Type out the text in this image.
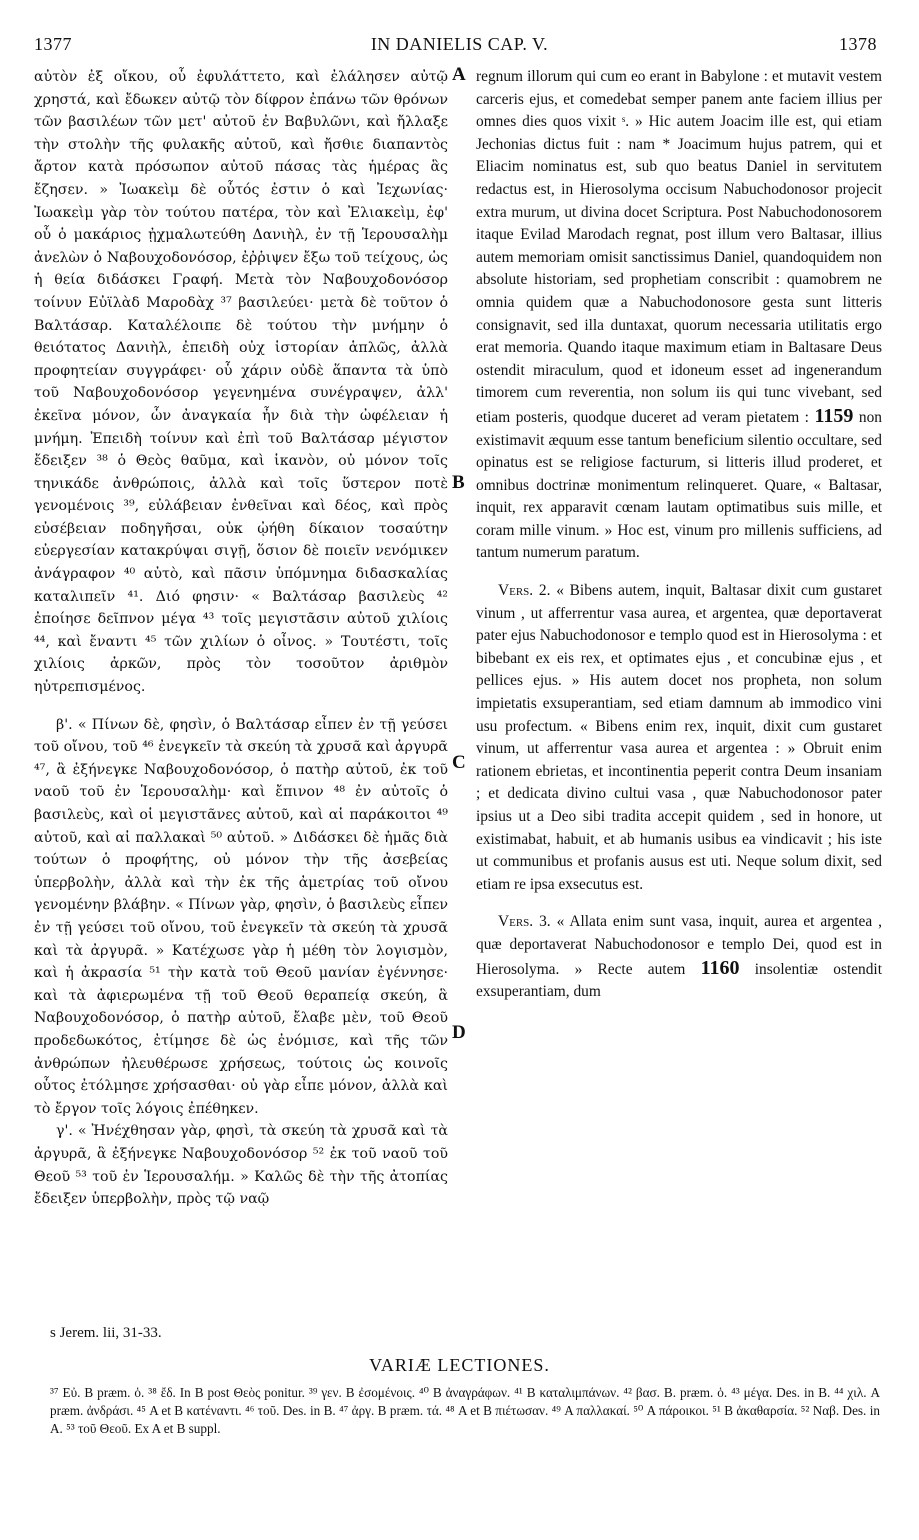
1377	IN DANIELIS CAP. V.	1378
A
B
C
D

αὐτὸν ἐξ οἴκου, οὗ ἐφυλάττετο, καὶ ἐλάλησεν αὐτῷ χρηστά, καὶ ἔδωκεν αὐτῷ τὸν δίφρον ἐπάνω τῶν θρόνων τῶν βασιλέων τῶν μετ' αὐτοῦ ἐν Βαβυλῶνι, καὶ ἤλλαξε τὴν στολὴν τῆς φυλακῆς αὐτοῦ, καὶ ἤσθιε διαπαντὸς ἄρτον κατὰ πρόσωπον αὐτοῦ πάσας τὰς ἡμέρας ἃς ἔζησεν. » Ἰωακεὶμ δὲ οὗτός ἐστιν ὁ καὶ Ἰεχωνίας· Ἰωακεὶμ γὰρ τὸν τούτου πατέρα, τὸν καὶ Ἐλιακεὶμ, ἐφ' οὗ ὁ μακάριος ᾐχμαλωτεύθη Δανιὴλ, ἐν τῇ Ἱερουσαλὴμ ἀνελὼν ὁ Ναβουχοδονόσορ, ἐῤῥιψεν ἔξω τοῦ τείχους, ὡς ἡ θεία διδάσκει Γραφή. Μετὰ τὸν Ναβουχοδονόσορ τοίνυν Εὐϊλὰδ Μαροδὰχ ³⁷ βασιλεύει· μετὰ δὲ τοῦτον ὁ Βαλτάσαρ. Καταλέλοιπε δὲ τούτου τὴν μνήμην ὁ θειότατος Δανιὴλ, ἐπειδὴ οὐχ ἱστορίαν ἁπλῶς, ἀλλὰ προφητείαν συγγράφει· οὗ χάριν οὐδὲ ἅπαντα τὰ ὑπὸ τοῦ Ναβουχοδονόσορ γεγενημένα συνέγραψεν, ἀλλ' ἐκεῖνα μόνον, ὧν ἀναγκαία ἦν διὰ τὴν ὠφέλειαν ἡ μνήμη. Ἐπειδὴ τοίνυν καὶ ἐπὶ τοῦ Βαλτάσαρ μέγιστον ἔδειξεν ³⁸ ὁ Θεὸς θαῦμα, καὶ ἱκανὸν, οὐ μόνον τοῖς τηνικάδε ἀνθρώποις, ἀλλὰ καὶ τοῖς ὕστερον ποτὲ γενομένοις ³⁹, εὐλάβειαν ἐνθεῖναι καὶ δέος, καὶ πρὸς εὐσέβειαν ποδηγῆσαι, οὐκ ᾠήθη δίκαιον τοσαύτην εὐεργεσίαν κατακρύψαι σιγῇ, ὅσιον δὲ ποιεῖν νενόμικεν ἀνάγραφον ⁴⁰ αὐτὸ, καὶ πᾶσιν ὑπόμνημα διδασκαλίας καταλιπεῖν ⁴¹. Διό φησιν· « Βαλτάσαρ βασιλεὺς ⁴² ἐποίησε δεῖπνον μέγα ⁴³ τοῖς μεγιστᾶσιν αὐτοῦ χιλίοις ⁴⁴, καὶ ἔναντι ⁴⁵ τῶν χιλίων ὁ οἶνος. » Τουτέστι, τοῖς χιλίοις ἀρκῶν, πρὸς τὸν τοσοῦτον ἀριθμὸν ηὐτρεπισμένος.

β'. « Πίνων δὲ, φησὶν, ὁ Βαλτάσαρ εἶπεν ἐν τῇ γεύσει τοῦ οἴνου, τοῦ ⁴⁶ ἐνεγκεῖν τὰ σκεύη τὰ χρυσᾶ καὶ ἀργυρᾶ ⁴⁷, ἃ ἐξήνεγκε Ναβουχοδονόσορ, ὁ πατὴρ αὐτοῦ, ἐκ τοῦ ναοῦ τοῦ ἐν Ἱερουσαλὴμ· καὶ ἔπινον ⁴⁸ ἐν αὐτοῖς ὁ βασιλεὺς, καὶ οἱ μεγιστᾶνες αὐτοῦ, καὶ αἱ παράκοιτοι ⁴⁹ αὐτοῦ, καὶ αἱ παλλακαὶ ⁵⁰ αὐτοῦ. » Διδάσκει δὲ ἡμᾶς διὰ τούτων ὁ προφήτης, οὐ μόνον τὴν τῆς ἀσεβείας ὑπερβολὴν, ἀλλὰ καὶ τὴν ἐκ τῆς ἀμετρίας τοῦ οἴνου γενομένην βλάβην. « Πίνων γὰρ, φησὶν, ὁ βασιλεὺς εἶπεν ἐν τῇ γεύσει τοῦ οἴνου, τοῦ ἐνεγκεῖν τὰ σκεύη τὰ χρυσᾶ καὶ τὰ ἀργυρᾶ. » Κατέχωσε γὰρ ἡ μέθη τὸν λογισμὸν, καὶ ἡ ἀκρασία ⁵¹ τὴν κατὰ τοῦ Θεοῦ μανίαν ἐγέννησε· καὶ τὰ ἀφιερωμένα τῇ τοῦ Θεοῦ θεραπείᾳ σκεύη, ἃ Ναβουχοδονόσορ, ὁ πατὴρ αὐτοῦ, ἔλαβε μὲν, τοῦ Θεοῦ προδεδωκότος, ἐτίμησε δὲ ὡς ἐνόμισε, καὶ τῆς τῶν ἀνθρώπων ἠλευθέρωσε χρήσεως, τούτοις ὡς κοινοῖς οὗτος ἐτόλμησε χρήσασθαι· οὐ γὰρ εἶπε μόνον, ἀλλὰ καὶ τὸ ἔργον τοῖς λόγοις ἐπέθηκεν.

γ'. « Ἠνέχθησαν γὰρ, φησὶ, τὰ σκεύη τὰ χρυσᾶ καὶ τὰ ἀργυρᾶ, ἃ ἐξήνεγκε Ναβουχοδονόσορ ⁵² ἐκ τοῦ ναοῦ τοῦ Θεοῦ ⁵³ τοῦ ἐν Ἱερουσαλήμ. » Καλῶς δὲ τὴν τῆς ἀτοπίας ἔδειξεν ὑπερβολὴν, πρὸς τῷ ναῷ

regnum illorum qui cum eo erant in Babylone : et mutavit vestem carceris ejus, et comedebat semper panem ante faciem illius per omnes dies quos vixit ˢ. » Hic autem Joacim ille est, qui etiam Jechonias dictus fuit : nam * Joacimum hujus patrem, qui et Eliacim nominatus est, sub quo beatus Daniel in servitutem redactus est, in Hierosolyma occisum Nabuchodonosor projecit extra murum, ut divina docet Scriptura. Post Nabuchodonosorem itaque Evilad Marodach regnat, post illum vero Baltasar, illius autem memoriam omisit sanctissimus Daniel, quandoquidem non absolute historiam, sed prophetiam conscribit : quamobrem ne omnia quidem quæ a Nabuchodonosore gesta sunt litteris consignavit, sed illa duntaxat, quorum necessaria utilitatis ergo erat memoria. Quando itaque maximum etiam in Baltasare Deus ostendit miraculum, quod et idoneum esset ad ingenerandum timorem cum reverentia, non solum iis qui tunc vivebant, sed etiam posteris, quodque duceret ad veram pietatem : 1159 non existimavit æquum esse tantum beneficium silentio occultare, sed opinatus est se religiose facturum, si litteris illud proderet, et omnibus doctrinæ monimentum relinqueret. Quare, « Baltasar, inquit, rex apparavit cœnam lautam optimatibus suis mille, et coram mille vinum. » Hoc est, vinum pro millenis sufficiens, ad tantum numerum paratum.

Vers. 2. « Bibens autem, inquit, Baltasar dixit cum gustaret vinum , ut afferrentur vasa aurea, et argentea, quæ deportaverat pater ejus Nabuchodonosor e templo quod est in Hierosolyma : et bibebant ex eis rex, et optimates ejus , et concubinæ ejus , et pellices ejus. » His autem docet nos propheta, non solum impietatis exsuperantiam, sed etiam damnum ab immodico vini usu profectum. « Bibens enim rex, inquit, dixit cum gustaret vinum, ut afferrentur vasa aurea et argentea : » Obruit enim rationem ebrietas, et incontinentia peperit contra Deum insaniam ; et dedicata divino cultui vasa , quæ Nabuchodonosor pater ipsius ut a Deo sibi tradita accepit quidem , sed in honore, ut existimabat, habuit, et ab humanis usibus ea vindicavit ; his iste ut communibus et profanis ausus est uti. Neque solum dixit, sed etiam re ipsa exsecutus est.

Vers. 3. « Allata enim sunt vasa, inquit, aurea et argentea , quæ deportaverat Nabuchodonosor e templo Dei, quod est in Hierosolyma. » Recte autem 1160 insolentiæ ostendit exsuperantiam, dum

s Jerem. lii, 31-33.
VARIÆ LECTIONES.
³⁷ Εὐ. B præm. ὁ. ³⁸ ἔδ. In B post Θεὸς ponitur. ³⁹ γεν. B ἐσομένοις. ⁴⁰ B ἀναγράφων. ⁴¹ B καταλιμπάνων. ⁴² βασ. B. præm. ὁ. ⁴³ μέγα. Des. in B. ⁴⁴ χιλ. A præm. ἀνδράσι. ⁴⁵ A et B κατέναντι. ⁴⁶ τοῦ. Des. in B. ⁴⁷ ἀργ. B præm. τά. ⁴⁸ A et B πιέτωσαν. ⁴⁹ A παλλακαί. ⁵⁰ A πάροικοι. ⁵¹ B ἀκαθαρσία. ⁵² Ναβ. Des. in A. ⁵³ τοῦ Θεοῦ. Ex A et B suppl.
